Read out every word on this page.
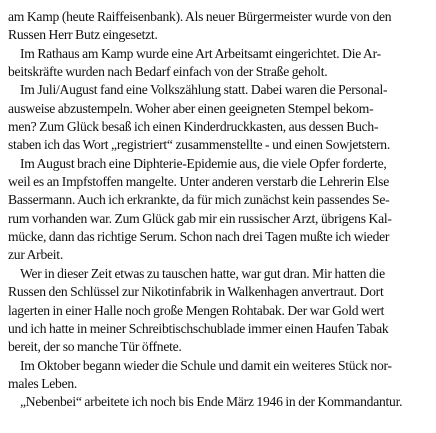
am Kamp (heute Raiffeisenbank). Als neuer Bürgermeister wurde von den
Russen Herr Butz eingesetzt.
Im Rathaus am Kamp wurde eine Art Arbeitsamt eingerichtet. Die Ar-
beitskräfte wurden nach Bedarf einfach von der Straße geholt.
Im Juli/August fand eine Volkszählung statt. Dabei waren die Personal-
ausweise abzustempeln. Woher aber einen geeigneten Stempel bekom-
men? Zum Glück besaß ich einen Kinderdruckkasten, aus dessen Buch-
staben ich das Wort „registriert“ zusammenstellte - und einen Sowjetstern.
Im August brach eine Diphterie-Epidemie aus, die viele Opfer forderte,
weil es an Impfstoffen mangelte. Unter anderen verstarb die Lehrerin Else
Bassermann. Auch ich erkrankte, da für mich zunächst kein passendes Se-
rum vorhanden war. Zum Glück gab mir ein russischer Arzt, übrigens Kal-
mücke, dann das richtige Serum. Schon nach drei Tagen mußte ich wieder
zur Arbeit.
Wer in dieser Zeit etwas zu tauschen hatte, war gut dran. Mir hatten die
Russen den Schlüssel zur Nikotinfabrik in Walkenhagen anvertraut. Dort
lagerten in einer Halle noch große Mengen Rohtabak. Der war Gold wert
und ich hatte in meiner Schreibtischschublade immer einen Haufen Tabak
bereit, der so manche Tür öffnete.
Im Oktober begann wieder die Schule und damit ein weiteres Stück nor-
males Leben.
„Nebenbei“ arbeitete ich noch bis Ende März 1946 in der Kommandantur.
